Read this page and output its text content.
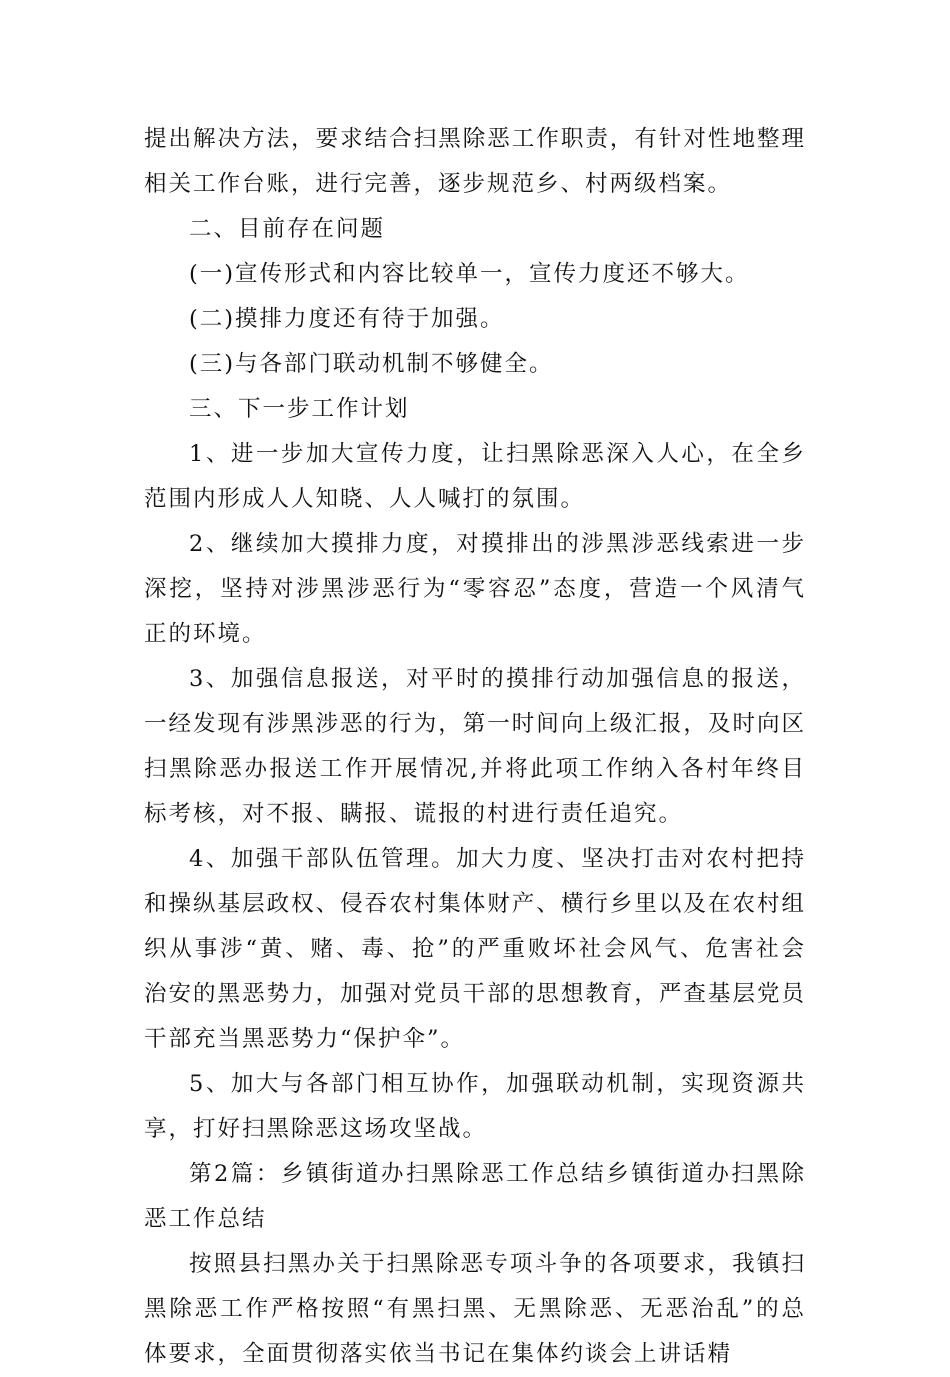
提出解决方法，要求结合扫黑除恶工作职责，有针对性地整理相关工作台账，进行完善，逐步规范乡、村两级档案。

二、目前存在问题

(一)宣传形式和内容比较单一，宣传力度还不够大。

(二)摸排力度还有待于加强。

(三)与各部门联动机制不够健全。

三、下一步工作计划

1、进一步加大宣传力度，让扫黑除恶深入人心，在全乡范围内形成人人知晓、人人喊打的氛围。

2、继续加大摸排力度，对摸排出的涉黑涉恶线索进一步深挖，坚持对涉黑涉恶行为“零容忍”态度，营造一个风清气正的环境。

3、加强信息报送，对平时的摸排行动加强信息的报送，一经发现有涉黑涉恶的行为，第一时间向上级汇报，及时向区扫黑除恶办报送工作开展情况,并将此项工作纳入各村年终目标考核，对不报、瞒报、谎报的村进行责任追究。

4、加强干部队伍管理。加大力度、坚决打击对农村把持和操纵基层政权、侵吞农村集体财产、横行乡里以及在农村组织从事涉“黄、赌、毒、抢”的严重败坏社会风气、危害社会治安的黑恶势力，加强对党员干部的思想教育，严查基层党员干部充当黑恶势力“保护伞”。

5、加大与各部门相互协作，加强联动机制，实现资源共享，打好扫黑除恶这场攻坚战。

第2篇：乡镇街道办扫黑除恶工作总结乡镇街道办扫黑除恶工作总结

按照县扫黑办关于扫黑除恶专项斗争的各项要求，我镇扫黑除恶工作严格按照“有黑扫黑、无黑除恶、无恶治乱”的总体要求，全面贯彻落实依当书记在集体约谈会上讲话精
